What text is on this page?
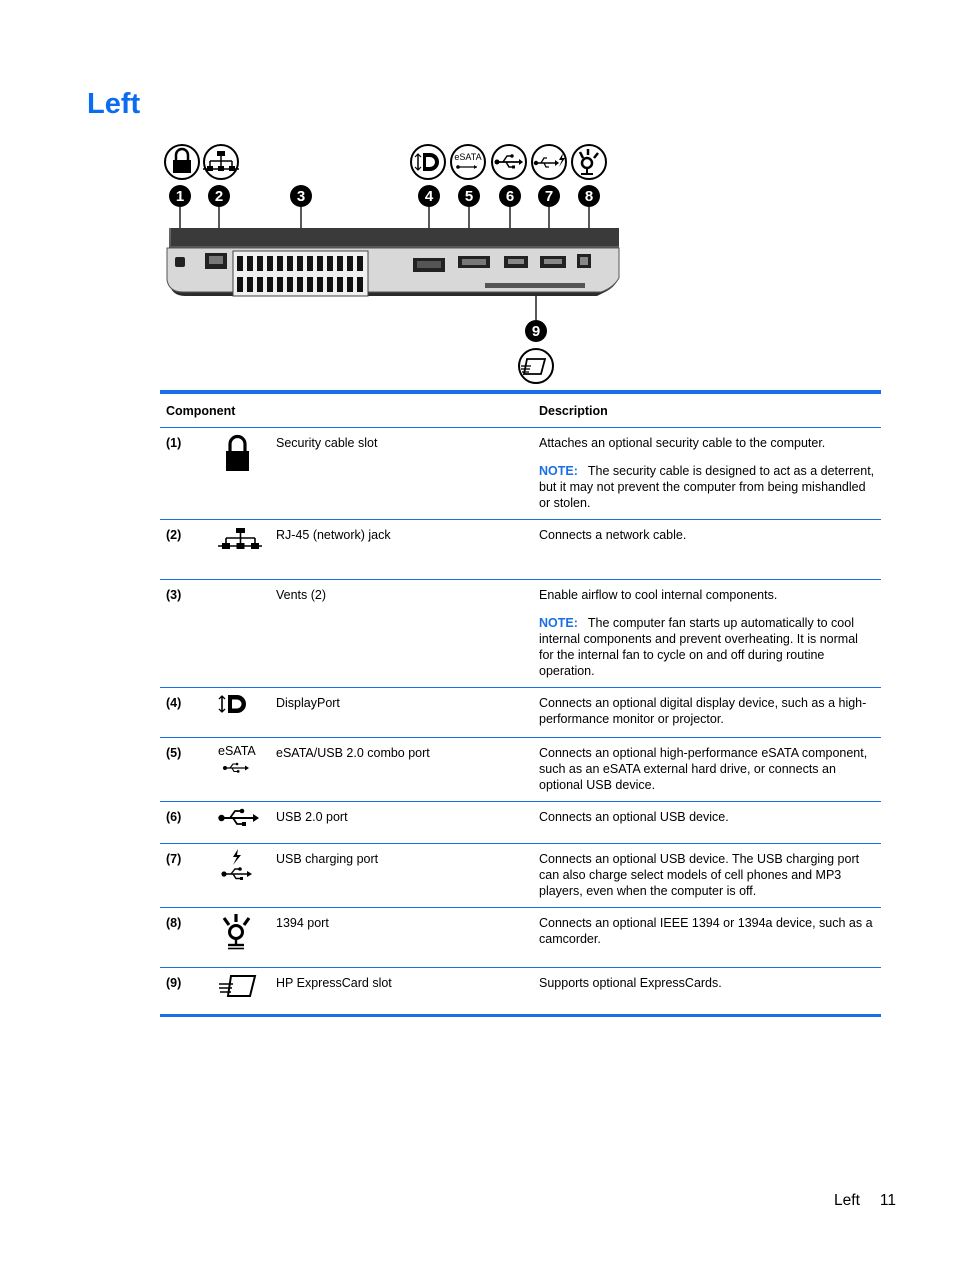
Left
eSATA
1 2	3	4 5 6 7 8
9
Component			Description
(1)		Security cable slot	Attaches an optional security cable to the computer.

NOTE: The security cable is designed to act as a deterrent, but it may not prevent the computer from being mishandled or stolen.

(2)		RJ-45 (network) jack	Connects a network cable.

(3)		Vents (2)	Enable airflow to cool internal components.

NOTE: The computer fan starts up automatically to cool internal components and prevent overheating. It is normal for the internal fan to cycle on and off during routine operation.

(4)		DisplayPort	Connects an optional digital display device, such as a high-performance monitor or projector.

(5)	eSATA	eSATA/USB 2.0 combo port	Connects an optional high-performance eSATA component, such as an eSATA external hard drive, or connects an optional USB device.

(6)		USB 2.0 port	Connects an optional USB device.

(7)		USB charging port	Connects an optional USB device. The USB charging port can also charge select models of cell phones and MP3 players, even when the computer is off.

(8)		1394 port	Connects an optional IEEE 1394 or 1394a device, such as a camcorder.

(9)		HP ExpressCard slot	Supports optional ExpressCards.

Left 11
